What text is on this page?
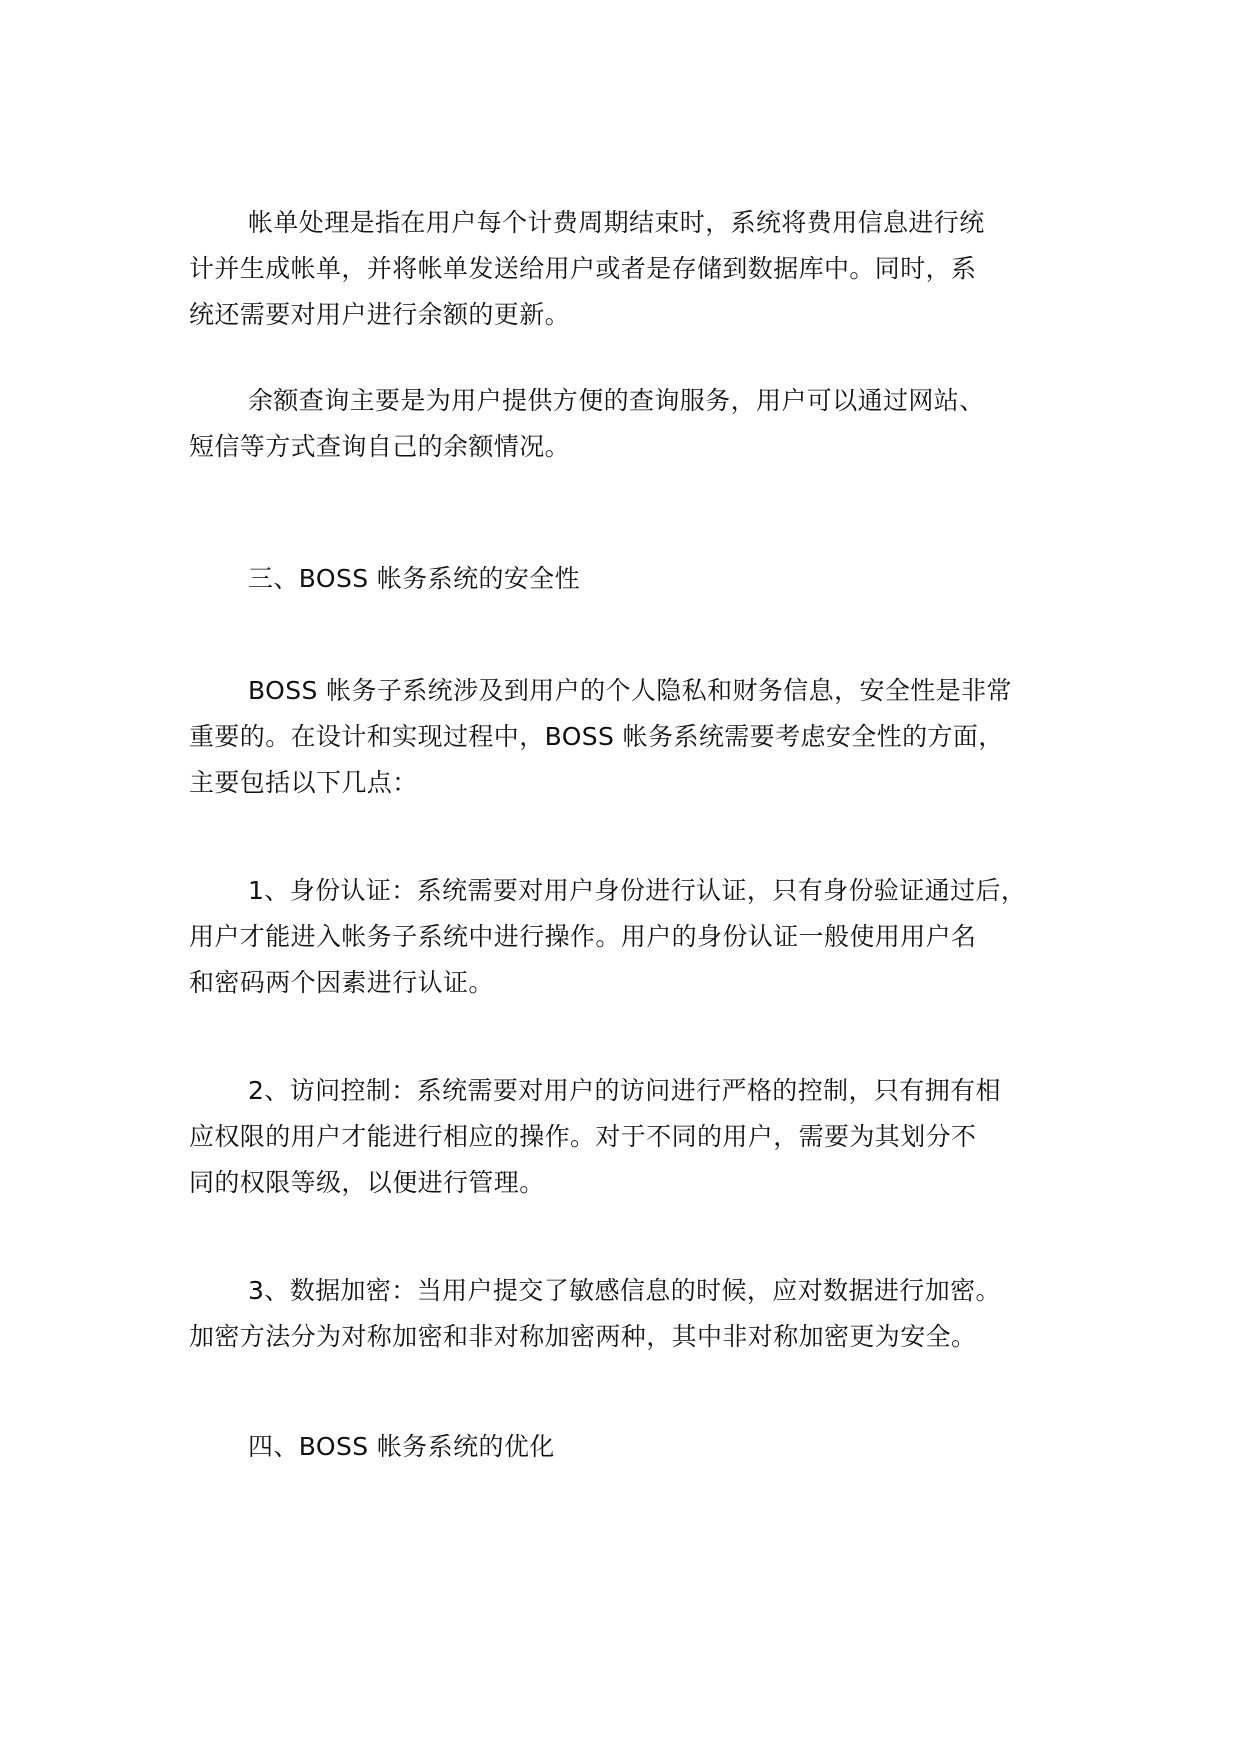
帐单处理是指在用户每个计费周期结束时，系统将费用信息进行统
计并生成帐单，并将帐单发送给用户或者是存储到数据库中。同时，系
统还需要对用户进行余额的更新。

余额查询主要是为用户提供方便的查询服务，用户可以通过网站、
短信等方式查询自己的余额情况。

三、BOSS 帐务系统的安全性

BOSS 帐务子系统涉及到用户的个人隐私和财务信息，安全性是非常
重要的。在设计和实现过程中，BOSS 帐务系统需要考虑安全性的方面，
主要包括以下几点：

1、身份认证：系统需要对用户身份进行认证，只有身份验证通过后，
用户才能进入帐务子系统中进行操作。用户的身份认证一般使用用户名
和密码两个因素进行认证。

2、访问控制：系统需要对用户的访问进行严格的控制，只有拥有相
应权限的用户才能进行相应的操作。对于不同的用户，需要为其划分不
同的权限等级，以便进行管理。

3、数据加密：当用户提交了敏感信息的时候，应对数据进行加密。
加密方法分为对称加密和非对称加密两种，其中非对称加密更为安全。

四、BOSS 帐务系统的优化
